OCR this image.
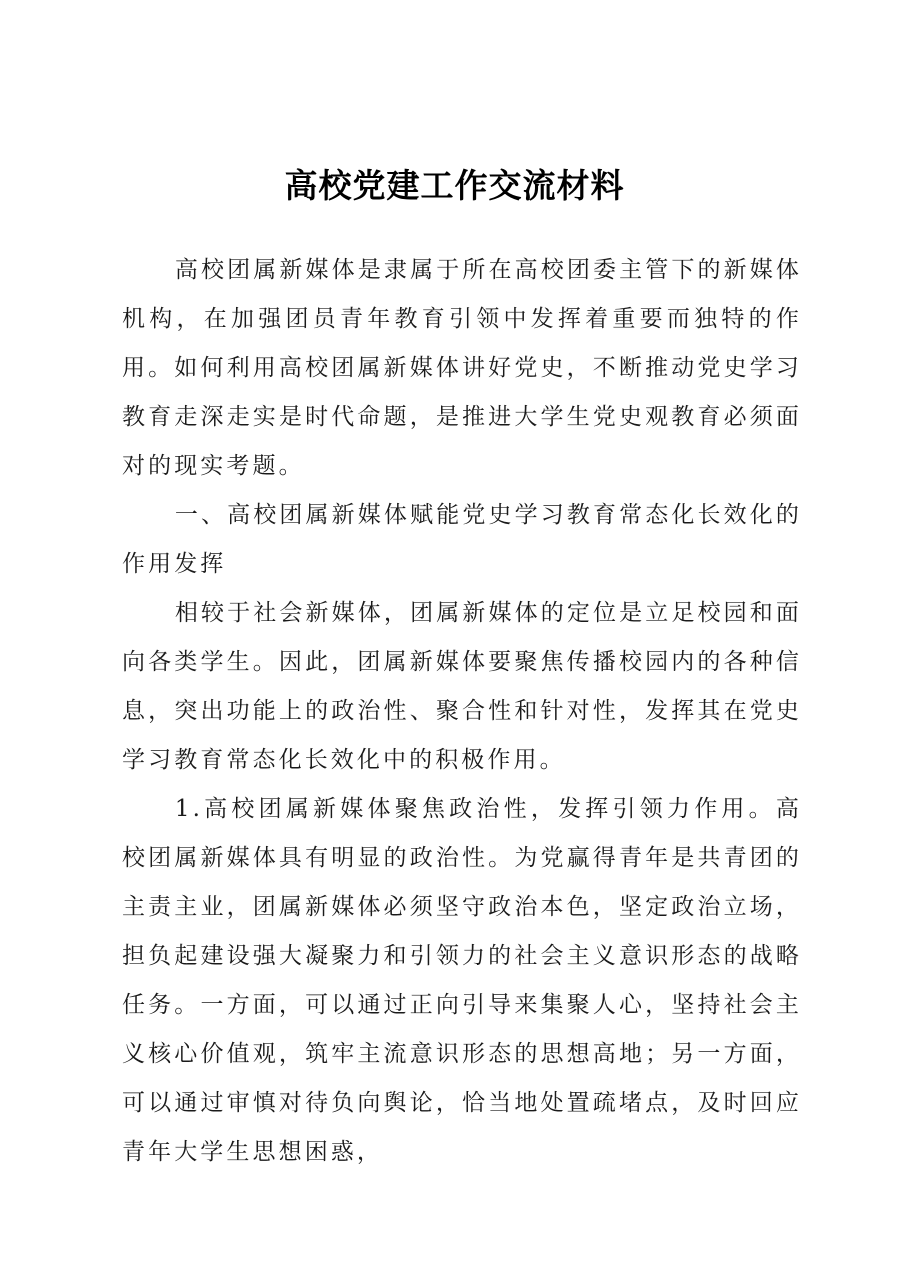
高校党建工作交流材料

高校团属新媒体是隶属于所在高校团委主管下的新媒体机构，在加强团员青年教育引领中发挥着重要而独特的作用。如何利用高校团属新媒体讲好党史，不断推动党史学习教育走深走实是时代命题，是推进大学生党史观教育必须面对的现实考题。

一、高校团属新媒体赋能党史学习教育常态化长效化的作用发挥

相较于社会新媒体，团属新媒体的定位是立足校园和面向各类学生。因此，团属新媒体要聚焦传播校园内的各种信息，突出功能上的政治性、聚合性和针对性，发挥其在党史学习教育常态化长效化中的积极作用。

1.高校团属新媒体聚焦政治性，发挥引领力作用。高校团属新媒体具有明显的政治性。为党赢得青年是共青团的主责主业，团属新媒体必须坚守政治本色，坚定政治立场，担负起建设强大凝聚力和引领力的社会主义意识形态的战略任务。一方面，可以通过正向引导来集聚人心，坚持社会主义核心价值观，筑牢主流意识形态的思想高地；另一方面，可以通过审慎对待负向舆论，恰当地处置疏堵点，及时回应青年大学生思想困惑，
